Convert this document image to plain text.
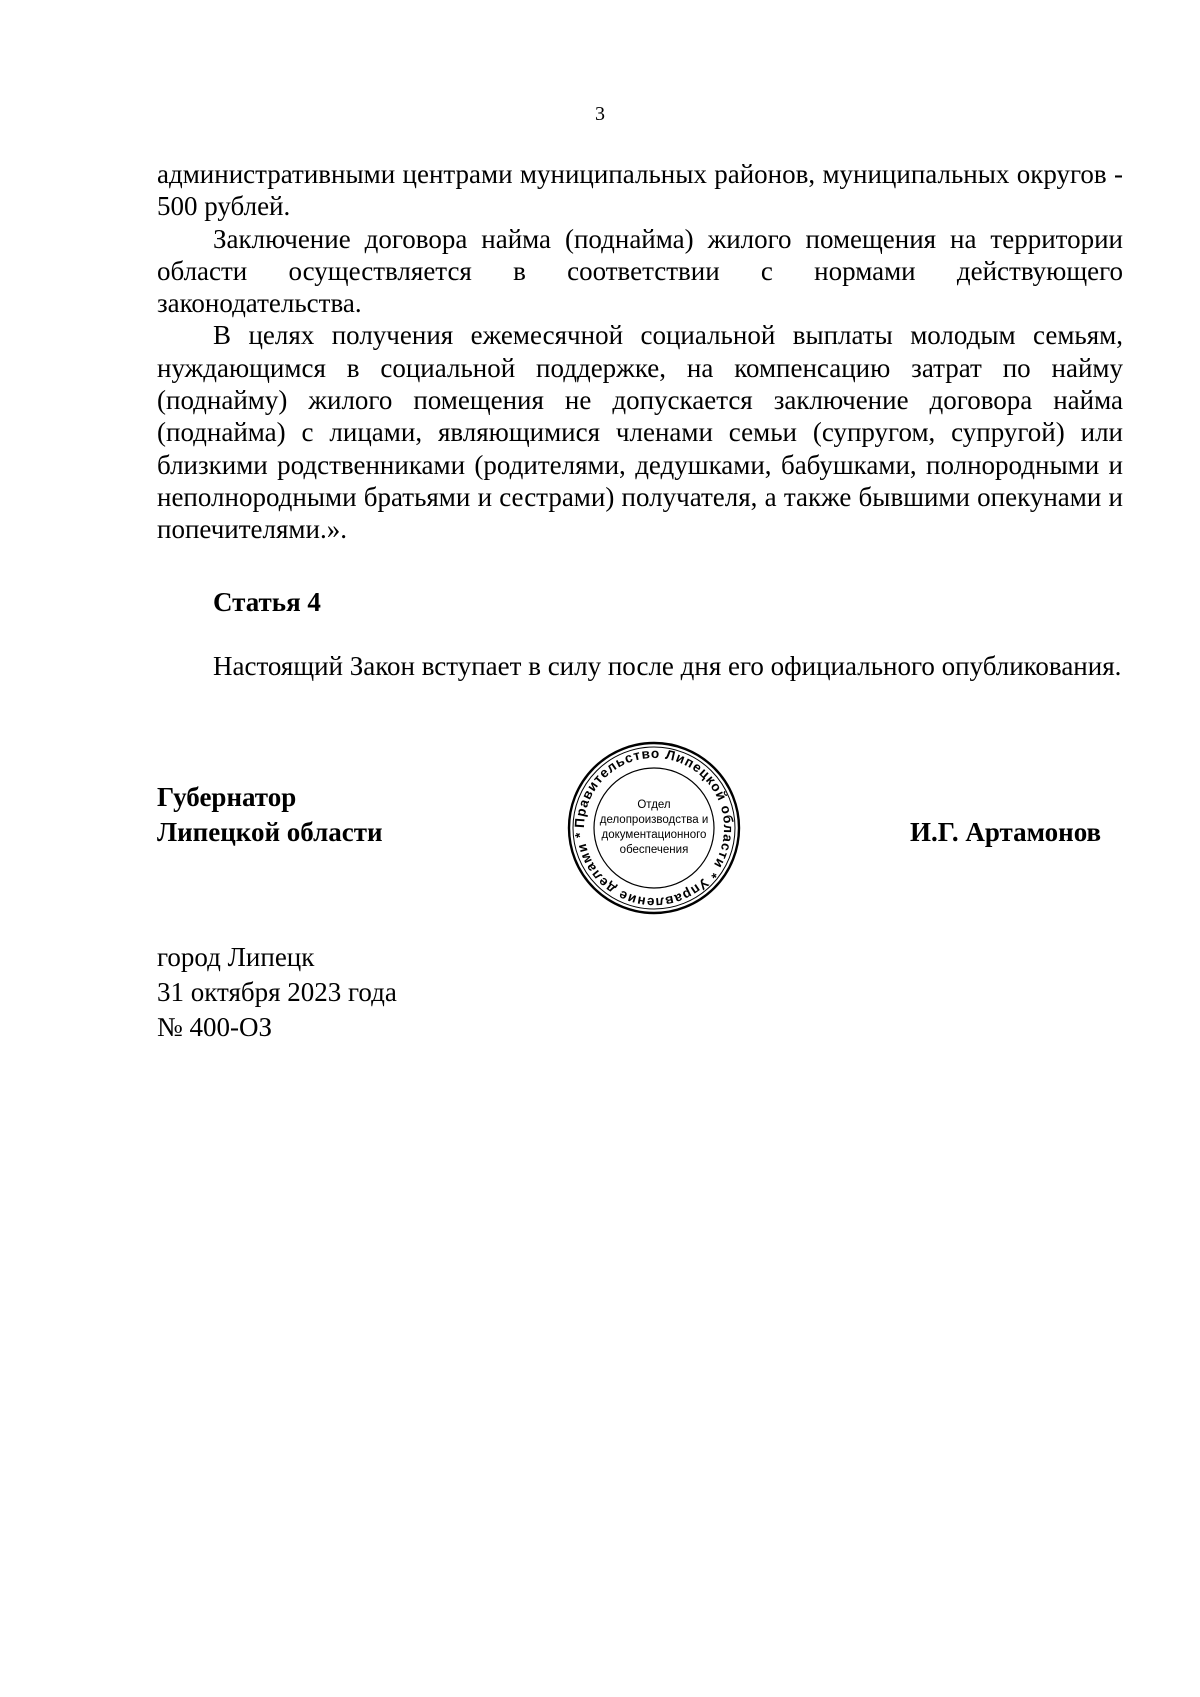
3

административными центрами муниципальных районов, муниципальных округов - 500 рублей.

Заключение договора найма (поднайма) жилого помещения на территории области осуществляется в соответствии с нормами действующего законодательства.

В целях получения ежемесячной социальной выплаты молодым семьям, нуждающимся в социальной поддержке, на компенсацию затрат по найму (поднайму) жилого помещения не допускается заключение договора найма (поднайма) с лицами, являющимися членами семьи (супругом, супругой) или близкими родственниками (родителями, дедушками, бабушками, полнородными и неполнородными братьями и сестрами) получателя, а также бывшими опекунами и попечителями.».

Статья 4

Настоящий Закон вступает в силу после дня его официального опубликования.

Губернатор
Липецкой области	Правительство Липецкой области * Управление делами *
Отдел
делопроизводства и
документационного
обеспечения
И.Г. Артамонов
город Липецк
31 октября 2023 года
№ 400-ОЗ
